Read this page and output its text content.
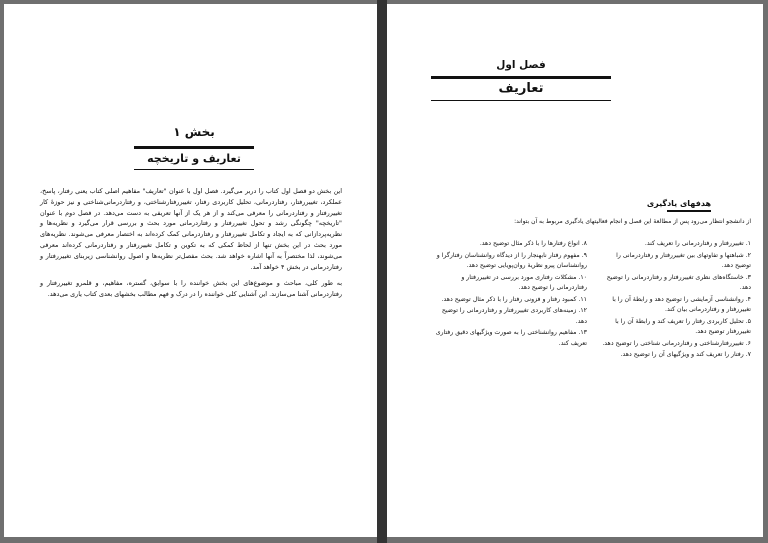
بخش ۱
تعاریف و تاریخچه

این بخش دو فصل اول کتاب را دربر می‌گیرد. فصل اول با عنوان "تعاریف" مفاهیم اصلی کتاب یعنی رفتار، پاسخ، عملکرد، تغییررفتار، رفتاردرمانی، تحلیل کاربردی رفتار، تغییررفتارشناختی، و رفتاردرمانی‌شناختی و نیز حوزهٔ کار تغییررفتار و رفتاردرمانی را معرفی می‌کند و از هر یک از آنها تعریفی به دست می‌دهد. در فصل دوم با عنوان "تاریخچه" چگونگی رشد و تحول تغییررفتار و رفتاردرمانی مورد بحث و بررسی قرار می‌گیرد و نظریه‌ها و نظریه‌پردازانی که به ایجاد و تکامل تغییررفتار و رفتاردرمانی کمک کرده‌اند به اختصار معرفی می‌شوند. نظریه‌های مورد بحث در این بخش تنها از لحاظ کمکی که به تکوین و تکامل تغییررفتار و رفتاردرمانی کرده‌اند معرفی می‌شوند، لذا مختصراً به آنها اشاره خواهد شد. بحث مفصل‌تر نظریه‌ها و اصول روانشناسی زیربنای تغییررفتار و رفتاردرمانی در بخش ۴ خواهد آمد.

به طور کلی، مباحث و موضوع‌های این بخش خواننده را با سوابق، گستره، مفاهیم، و قلمرو تغییررفتار و رفتاردرمانی آشنا می‌سازند. این آشنایی کلی خواننده را در درک و فهم مطالب بخشهای بعدی کتاب یاری می‌دهد.

فصل اول
تعاریف
هدفهای یادگیری
از دانشجو انتظار می‌رود پس از مطالعهٔ این فصل و انجام فعالیتهای یادگیری مربوط به آن بتواند:

۱. تغییررفتار و رفتاردرمانی را تعریف کند.

۲. شباهتها و تفاوتهای بین تغییررفتار و رفتاردرمانی را توضیح دهد.

۳. خاستگاه‌های نظری تغییررفتار و رفتاردرمانی را توضیح دهد.

۴. روانشناسی آزمایشی را توضیح دهد و رابطهٔ آن را با تغییررفتار و رفتاردرمانی بیان کند.

۵. تحلیل کاربردی رفتار را تعریف کند و رابطهٔ آن را با تغییررفتار توضیح دهد.

۶. تغییررفتارشناختی و رفتاردرمانی شناختی را توضیح دهد.

۷. رفتار را تعریف کند و ویژگیهای آن را توضیح دهد.

۸. انواع رفتارها را با ذکر مثال توضیح دهد.

۹. مفهوم رفتار نابهنجار را از دیدگاه روانشناسان رفتارگرا و روانشناسان پیرو نظریهٔ روان‌پویایی توضیح دهد.

۱۰. مشکلات رفتاری مورد بررسی در تغییررفتار و رفتاردرمانی را توضیح دهد.

۱۱. کمبود رفتار و فزونی رفتار را با ذکر مثال توضیح دهد.

۱۲. زمینه‌های کاربردی تغییررفتار و رفتاردرمانی را توضیح دهد.

۱۳. مفاهیم روانشناختی را به صورت ویژگیهای دقیق رفتاری تعریف کند.
